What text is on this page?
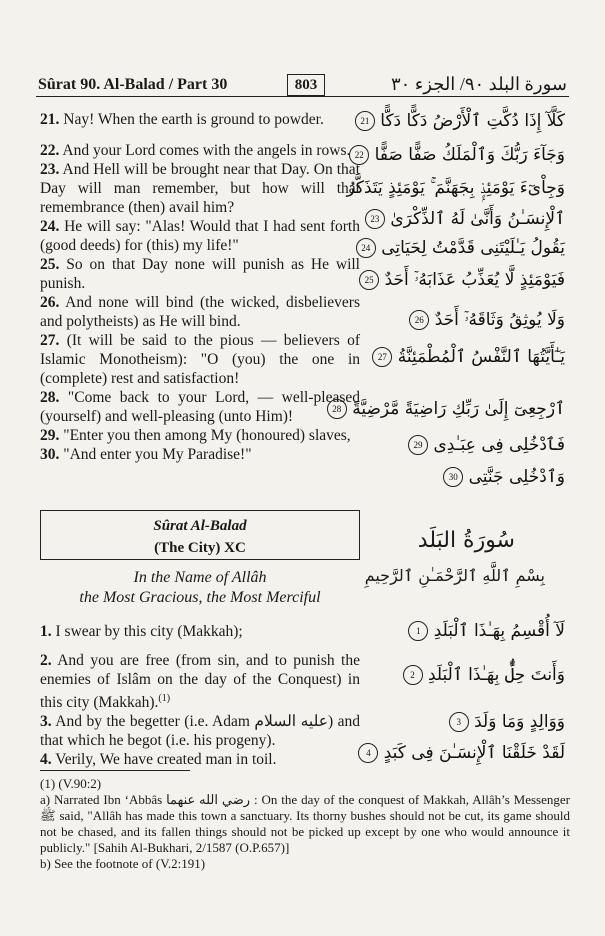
Sûrat 90. Al-Balad / Part 30	803	سورة البلد ٩٠/ الجزء ٣٠

21. Nay! When the earth is ground to powder.

22. And your Lord comes with the angels in rows.

23. And Hell will be brought near that Day. On that Day will man remember, but how will that remembrance (then) avail him?

24. He will say: "Alas! Would that I had sent forth (good deeds) for (this) my life!"

25. So on that Day none will punish as He will punish.

26. And none will bind (the wicked, disbelievers and polytheists) as He will bind.

27. (It will be said to the pious — believers of Islamic Monotheism): "O (you) the one in (complete) rest and satisfaction!

28. "Come back to your Lord, — well-pleased (yourself) and well-pleasing (unto Him)!

29. "Enter you then among My (honoured) slaves,

30. "And enter you My Paradise!"

كَلَّآ إِذَا دُكَّتِ ٱلْأَرْضُ دَكًّا دَكًّا 21
وَجَآءَ رَبُّكَ وَٱلْمَلَكُ صَفًّا صَفًّا 22
وَجِاْىٓءَ يَوْمَئِذٍۭ بِجَهَنَّمَ ۚ يَوْمَئِذٍ يَتَذَكَّرُ
ٱلْإِنسَـٰنُ وَأَنَّىٰ لَهُ ٱلذِّكْرَىٰ 23
يَقُولُ يَـٰلَيْتَنِى قَدَّمْتُ لِحَيَاتِى 24
فَيَوْمَئِذٍ لَّا يُعَذِّبُ عَذَابَهُۥٓ أَحَدٌ 25
وَلَا يُوثِقُ وَثَاقَهُۥٓ أَحَدٌ 26
يَـٰٓأَيَّتُهَا ٱلنَّفْسُ ٱلْمُطْمَئِنَّةُ 27
ٱرْجِعِىٓ إِلَىٰ رَبِّكِ رَاضِيَةً مَّرْضِيَّةً 28
فَٱدْخُلِى فِى عِبَـٰدِى 29
وَٱدْخُلِى جَنَّتِى 30
Sûrat Al-Balad
(The City) XC	سُورَةُ البَلَد
بِسْمِ ٱللَّهِ ٱلرَّحْمَـٰنِ ٱلرَّحِيمِ
In the Name of Allâh
the Most Gracious, the Most Merciful

1. I swear by this city (Makkah);

2. And you are free (from sin, and to punish the enemies of Islâm on the day of the Conquest) in this city (Makkah).$^{(1)}$

3. And by the begetter (i.e. Adam عليه السلام) and that which he begot (i.e. his progeny).

4. Verily, We have created man in toil.

لَآ أُقْسِمُ بِهَـٰذَا ٱلْبَلَدِ 1
وَأَنتَ حِلٌّۢ بِهَـٰذَا ٱلْبَلَدِ 2
وَوَالِدٍ وَمَا وَلَدَ 3
لَقَدْ خَلَقْنَا ٱلْإِنسَـٰنَ فِى كَبَدٍ 4

(1) (V.90:2)

a) Narrated Ibn ‘Abbâs رضي الله عنهما : On the day of the conquest of Makkah, Allâh’s Messenger ﷺ said, "Allâh has made this town a sanctuary. Its thorny bushes should not be cut, its game should not be chased, and its fallen things should not be picked up except by one who would announce it publicly." [Sahih Al-Bukhari, 2/1587 (O.P.657)]

b) See the footnote of (V.2:191)
